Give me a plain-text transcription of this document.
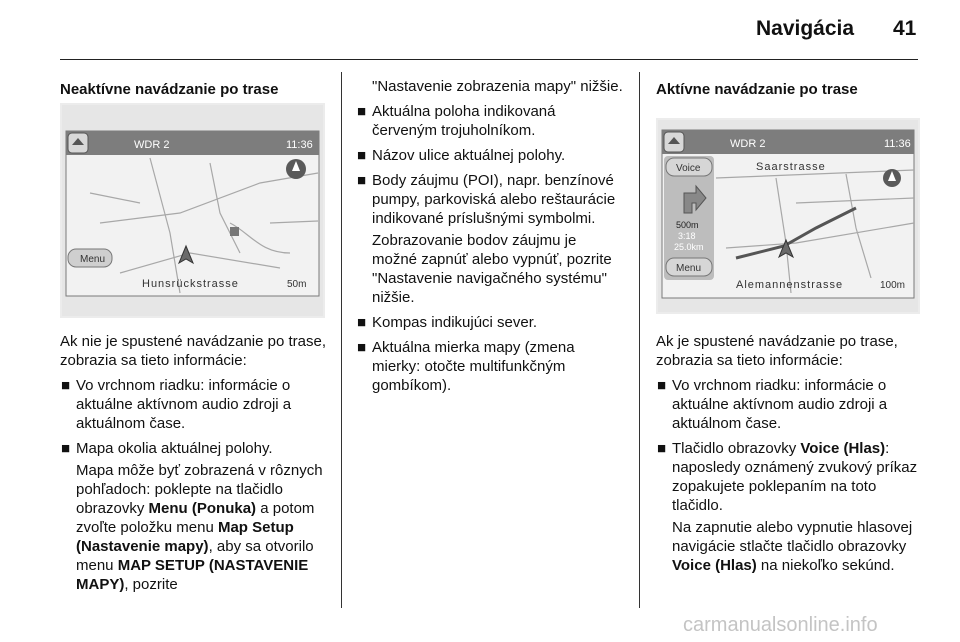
Navigácia 41
Neaktívne navádzanie po trase
WDR 2	11:36
Menu
Hunsrückstrasse	50m

Ak nie je spustené navádzanie po trase, zobrazia sa tieto informácie:

■ Vo vrchnom riadku: informácie o aktuálne aktívnom audio zdroji a aktuálnom čase.
■ Mapa okolia aktuálnej polohy.
Mapa môže byť zobrazená v rôznych pohľadoch: poklepte na tlačidlo obrazovky Menu (Ponuka) a potom zvoľte položku menu Map Setup (Nastavenie mapy), aby sa otvorilo menu MAP SETUP (NASTAVENIE MAPY), pozrite

"Nastavenie zobrazenia mapy" nižšie.

■ Aktuálna poloha indikovaná červeným trojuholníkom.
■ Názov ulice aktuálnej polohy.
■ Body záujmu (POI), napr. benzínové pumpy, parkoviská alebo reštaurácie indikované príslušnými symbolmi.
Zobrazovanie bodov záujmu je možné zapnúť alebo vypnúť, pozrite "Nastavenie navigačného systému" nižšie.
■ Kompas indikujúci sever.
■ Aktuálna mierka mapy (zmena mierky: otočte multifunkčným gombíkom).
Aktívne navádzanie po trase
WDR 2	11:36
Voice
500m
3:18
25.0km
Menu
Saarstrasse
Alemannenstrasse	100m

Ak je spustené navádzanie po trase, zobrazia sa tieto informácie:

■ Vo vrchnom riadku: informácie o aktuálne aktívnom audio zdroji a aktuálnom čase.
■ Tlačidlo obrazovky Voice (Hlas): naposledy oznámený zvukový príkaz zopakujete poklepaním na toto tlačidlo.
Na zapnutie alebo vypnutie hlasovej navigácie stlačte tlačidlo obrazovky Voice (Hlas) na niekoľko sekúnd.
carmanualsonline.info
